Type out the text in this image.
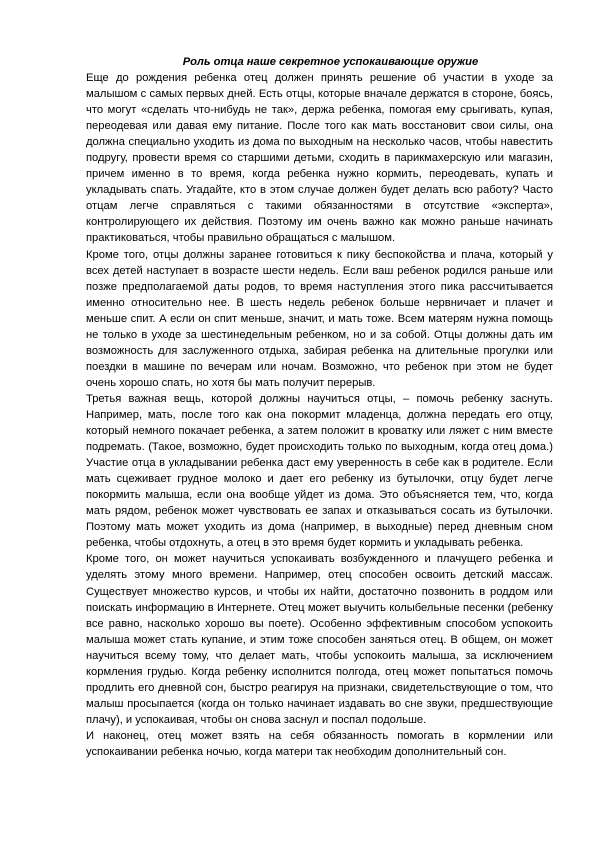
Роль отца наше секретное успокаивающие оружие

Еще до рождения ребенка отец должен принять решение об участии в уходе за малышом с самых первых дней. Есть отцы, которые вначале держатся в стороне, боясь, что могут «сделать что-нибудь не так», держа ребенка, помогая ему срыгивать, купая, переодевая или давая ему питание. После того как мать восстановит свои силы, она должна специально уходить из дома по выходным на несколько часов, чтобы навестить подругу, провести время со старшими детьми, сходить в парикмахерскую или магазин, причем именно в то время, когда ребенка нужно кормить, переодевать, купать и укладывать спать. Угадайте, кто в этом случае должен будет делать всю работу? Часто отцам легче справляться с такими обязанностями в отсутствие «эксперта», контролирующего их действия. Поэтому им очень важно как можно раньше начинать практиковаться, чтобы правильно обращаться с малышом.

Кроме того, отцы должны заранее готовиться к пику беспокойства и плача, который у всех детей наступает в возрасте шести недель. Если ваш ребенок родился раньше или позже предполагаемой даты родов, то время наступления этого пика рассчитывается именно относительно нее. В шесть недель ребенок больше нервничает и плачет и меньше спит. А если он спит меньше, значит, и мать тоже. Всем матерям нужна помощь не только в уходе за шестинедельным ребенком, но и за собой. Отцы должны дать им возможность для заслуженного отдыха, забирая ребенка на длительные прогулки или поездки в машине по вечерам или ночам. Возможно, что ребенок при этом не будет очень хорошо спать, но хотя бы мать получит перерыв.

Третья важная вещь, которой должны научиться отцы, – помочь ребенку заснуть. Например, мать, после того как она покормит младенца, должна передать его отцу, который немного покачает ребенка, а затем положит в кроватку или ляжет с ним вместе подремать. (Такое, возможно, будет происходить только по выходным, когда отец дома.) Участие отца в укладывании ребенка даст ему уверенность в себе как в родителе. Если мать сцеживает грудное молоко и дает его ребенку из бутылочки, отцу будет легче покормить малыша, если она вообще уйдет из дома. Это объясняется тем, что, когда мать рядом, ребенок может чувствовать ее запах и отказываться сосать из бутылочки. Поэтому мать может уходить из дома (например, в выходные) перед дневным сном ребенка, чтобы отдохнуть, а отец в это время будет кормить и укладывать ребенка.

Кроме того, он может научиться успокаивать возбужденного и плачущего ребенка и уделять этому много времени. Например, отец способен освоить детский массаж. Существует множество курсов, и чтобы их найти, достаточно позвонить в роддом или поискать информацию в Интернете. Отец может выучить колыбельные песенки (ребенку все равно, насколько хорошо вы поете). Особенно эффективным способом успокоить малыша может стать купание, и этим тоже способен заняться отец. В общем, он может научиться всему тому, что делает мать, чтобы успокоить малыша, за исключением кормления грудью. Когда ребенку исполнится полгода, отец может попытаться помочь продлить его дневной сон, быстро реагируя на признаки, свидетельствующие о том, что малыш просыпается (когда он только начинает издавать во сне звуки, предшествующие плачу), и успокаивая, чтобы он снова заснул и поспал подольше.

И наконец, отец может взять на себя обязанность помогать в кормлении или успокаивании ребенка ночью, когда матери так необходим дополнительный сон.
